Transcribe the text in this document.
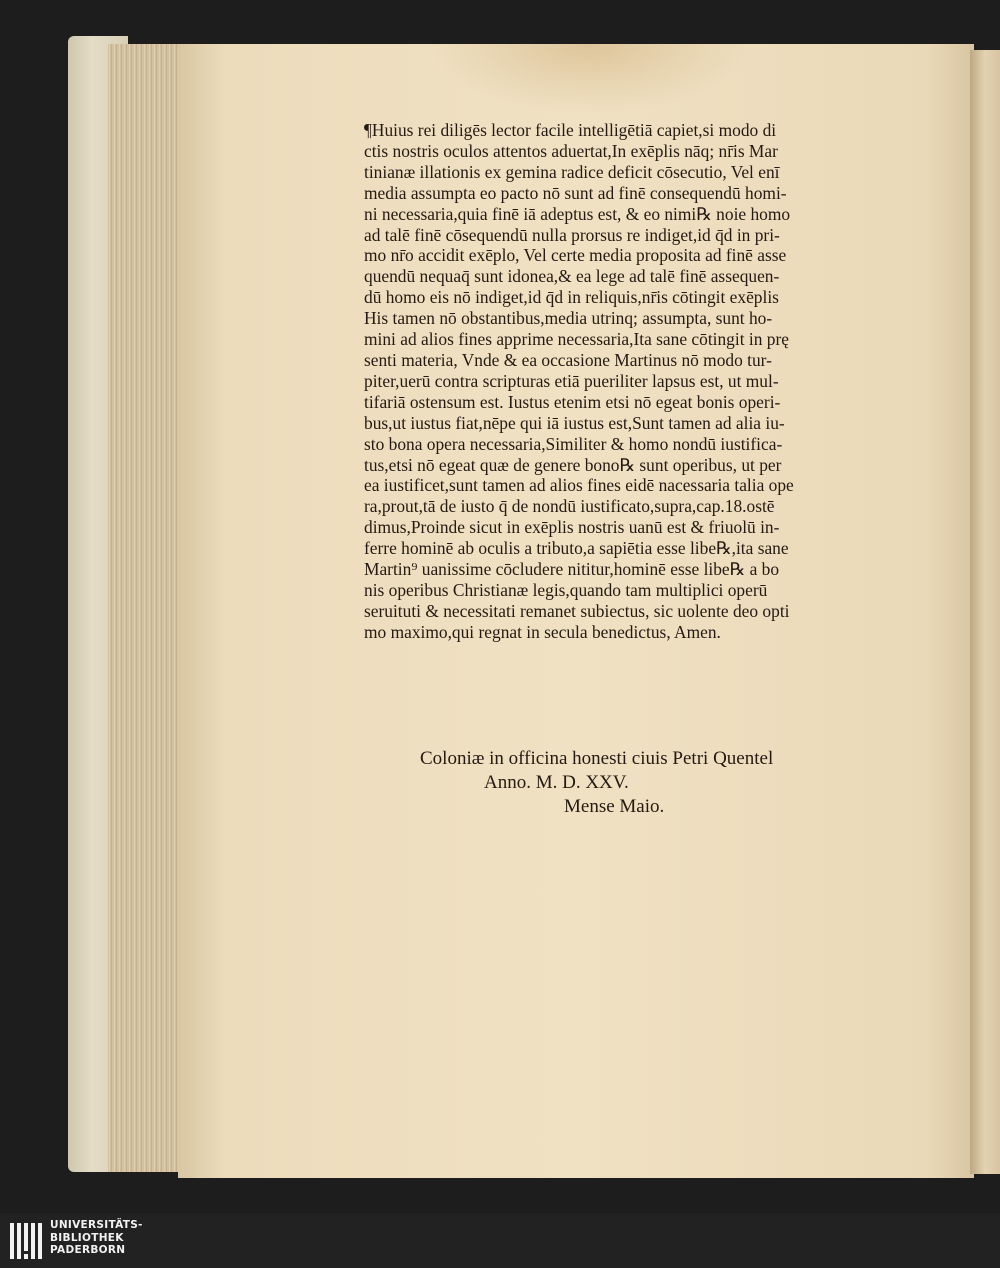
¶Huius rei diligēs lector facile intelligētiā capiet,si modo di
ctis nostris oculos attentos aduertat,In exēplis nāq; nr̄is Mar
tinianæ illationis ex gemina radice deficit cōsecutio, Vel enī
media assumpta eo pacto nō sunt ad finē consequendū homi-
ni necessaria,quia finē iā adeptus est, & eo nimi℞ noie homo
ad talē finē cōsequendū nulla prorsus re indiget,id q̄d in pri-
mo nr̄o accidit exēplo, Vel certe media proposita ad finē asse
quendū nequaq̄ sunt idonea,& ea lege ad talē finē assequen-
dū homo eis nō indiget,id q̄d in reliquis,nr̄is cōtingit exēplis
His tamen nō obstantibus,media utrinq; assumpta, sunt ho-
mini ad alios fines apprime necessaria,Ita sane cōtingit in prę
senti materia, Vnde & ea occasione Martinus nō modo tur-
piter,uerū contra scripturas etiā pueriliter lapsus est, ut mul-
tifariā ostensum est. Iustus etenim etsi nō egeat bonis operi-
bus,ut iustus fiat,nēpe qui iā iustus est,Sunt tamen ad alia iu-
sto bona opera necessaria,Similiter & homo nondū iustifica-
tus,etsi nō egeat quæ de genere bono℞ sunt operibus, ut per
ea iustificet,sunt tamen ad alios fines eidē nacessaria talia ope
ra,prout,tā de iusto q̄ de nondū iustificato,supra,cap.18.ostē
dimus,Proinde sicut in exēplis nostris uanū est & friuolū in-
ferre hominē ab oculis a tributo,a sapiētia esse libe℞,ita sane
Martin⁹ uanissime cōcludere nititur,hominē esse libe℞ a bo
nis operibus Christianæ legis,quando tam multiplici operū
seruituti & necessitati remanet subiectus, sic uolente deo opti
mo maximo,qui regnat in secula benedictus, Amen.
Coloniæ in officina honesti ciuis Petri Quentel
Anno. M. D. XXV.
Mense Maio.
UNIVERSITÄTS-
BIBLIOTHEK
PADERBORN
